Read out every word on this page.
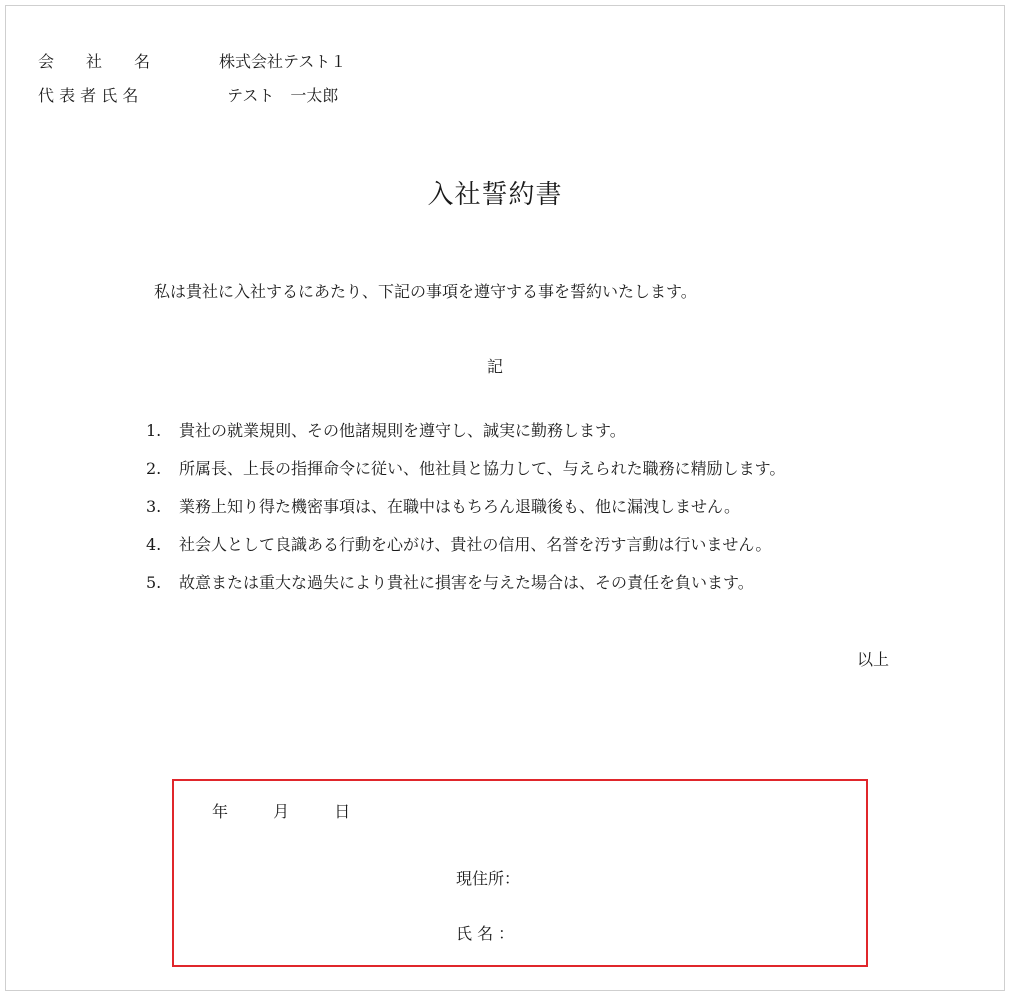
会　　社　　名	株式会社テスト１
代 表 者 氏 名	テスト　一太郎
入社誓約書
私は貴社に入社するにあたり、下記の事項を遵守する事を誓約いたします。
記
1. 貴社の就業規則、その他諸規則を遵守し、誠実に勤務します。
2. 所属長、上長の指揮命令に従い、他社員と協力して、与えられた職務に精励します。
3. 業務上知り得た機密事項は、在職中はもちろん退職後も、他に漏洩しません。
4. 社会人として良識ある行動を心がけ、貴社の信用、名誉を汚す言動は行いません。
5. 故意または重大な過失により貴社に損害を与えた場合は、その責任を負います。
以上
年	月	日
現住所：
氏 名 ：
